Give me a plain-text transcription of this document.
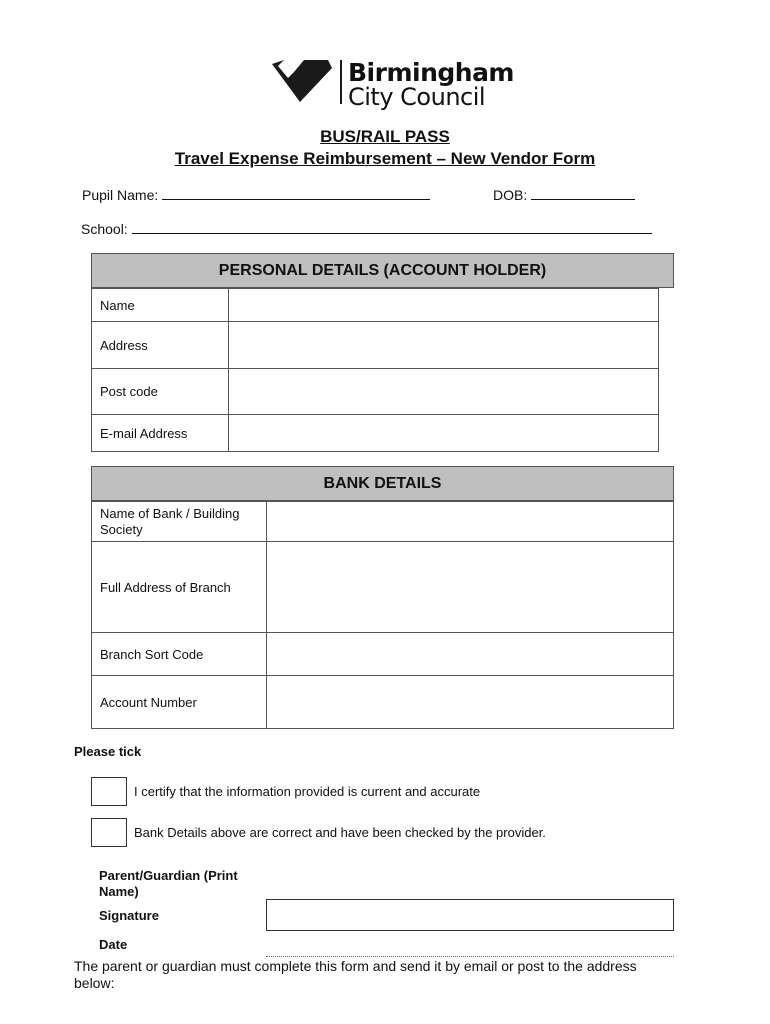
Birmingham
City Council
BUS/RAIL PASS
Travel Expense Reimbursement – New Vendor Form
Pupil Name:	DOB:
School:
PERSONAL DETAILS (ACCOUNT HOLDER)
Name	
Address	
Post code	
E-mail Address	
BANK DETAILS
Name of Bank / Building Society	
Full Address of Branch	
Branch Sort Code	
Account Number	
Please tick
I certify that the information provided is current and accurate
Bank Details above are correct and have been checked by the provider.
Parent/Guardian (Print Name)
Signature
Date
The parent or guardian must complete this form and send it by email or post to the address below:
